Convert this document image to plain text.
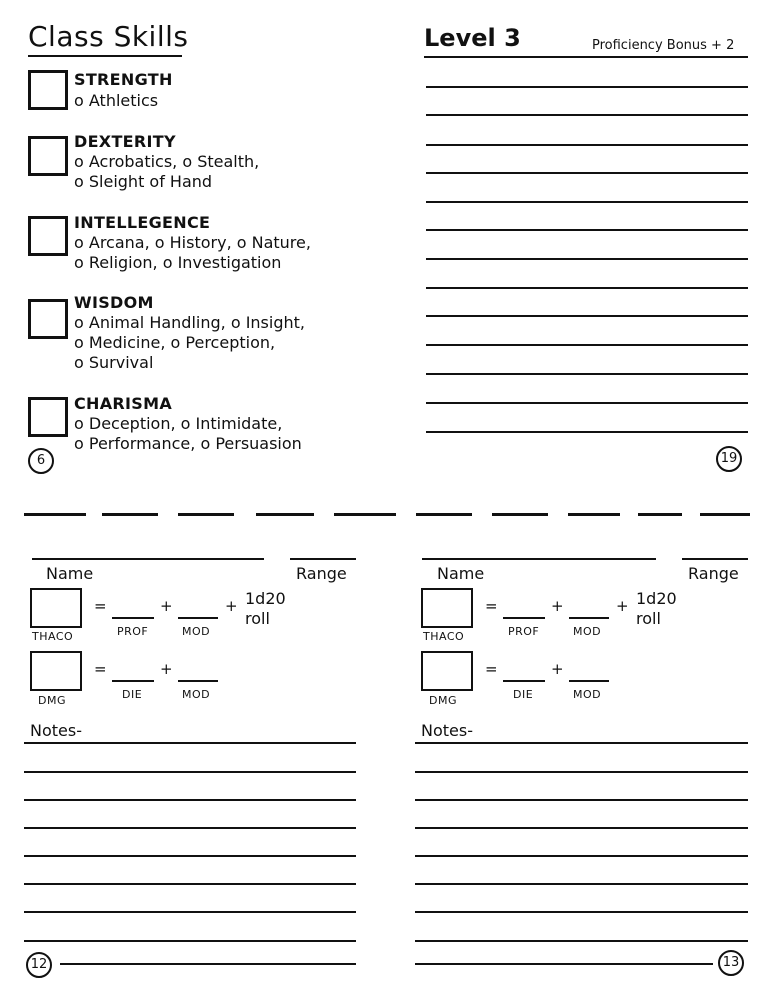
Class Skills	Level 3	Proficiency Bonus + 2
STRENGTH
o Athletics
DEXTERITY
o Acrobatics, o Stealth,
o Sleight of Hand
INTELLEGENCE
o Arcana, o History, o Nature,
o Religion, o Investigation
WISDOM
o Animal Handling, o Insight,
o Medicine, o Perception,
o Survival
CHARISMA
o Deception, o Intimidate,
o Performance, o Persuasion
6	19
Name	Range
THACO
=
PROF
+
MOD
+ 1d20
roll
DMG
=
DIE
+
MOD
Notes-
12
Name	Range
THACO
=
PROF
+
MOD
+ 1d20
roll
DMG
=
DIE
+
MOD
Notes-
13
